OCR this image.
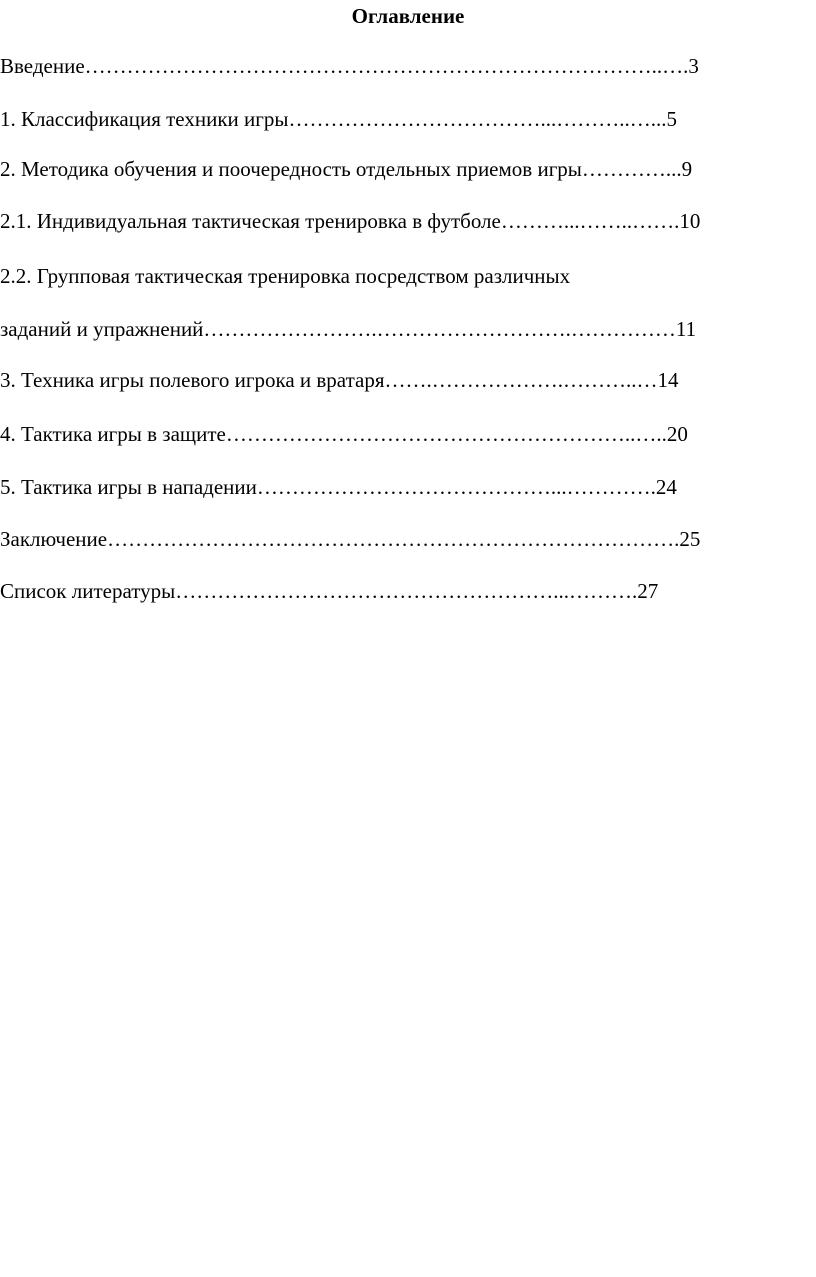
Оглавление
Введение………………………………………………………………………..….3
1. Классификация техники игры………………………………...………..…...5
2. Методика обучения и поочередность отдельных приемов игры…………...9
2.1. Индивидуальная тактическая тренировка в футболе………...……..…….10
2.2. Групповая тактическая тренировка посредством различных
заданий и упражнений…………………….……………………….……………11
3. Техника игры полевого игрока и вратаря…….……………….………..…14
4. Тактика игры в защите…………………………………………………..…..20
5. Тактика игры в нападении……………………………………...………….24
Заключение……………………………………………………………………….25
Список литературы………………………………………………...……….27
